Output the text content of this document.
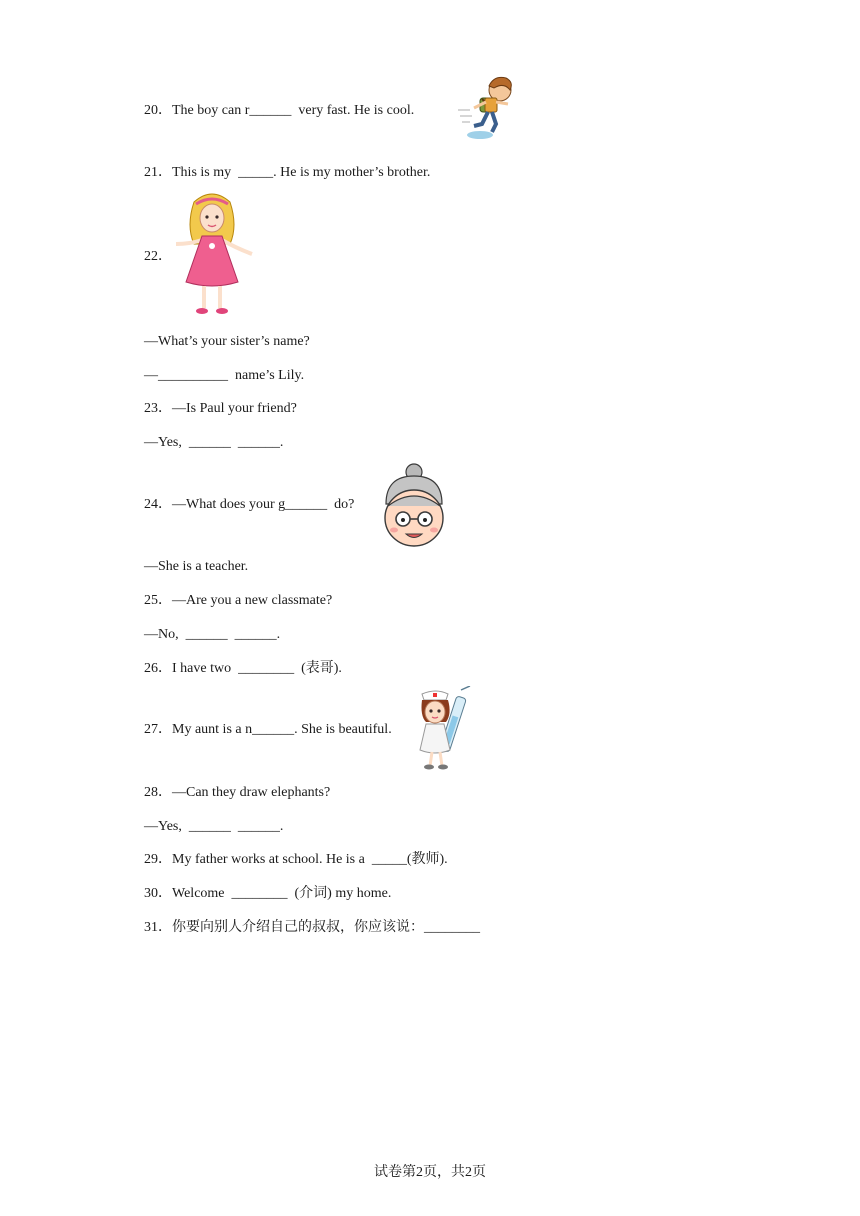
20．The boy can r______  very fast. He is cool.
21．This is my  _____. He is my mother’s brother.
22．
—What’s your sister’s name?
—__________  name’s Lily.
23．—Is Paul your friend?
—Yes,  ______  ______.
24．—What does your g______  do?
—She is a teacher.
25．—Are you a new classmate?
—No,  ______  ______.
26．I have two  ________  (表哥).
27．My aunt is a n______. She is beautiful.
28．—Can they draw elephants?
—Yes,  ______  ______.
29．My father works at school. He is a  _____(教师).
30．Welcome  ________  (介词) my home.
31．你要向别人介绍自己的叔叔，你应该说：________
试卷第2页，共2页
